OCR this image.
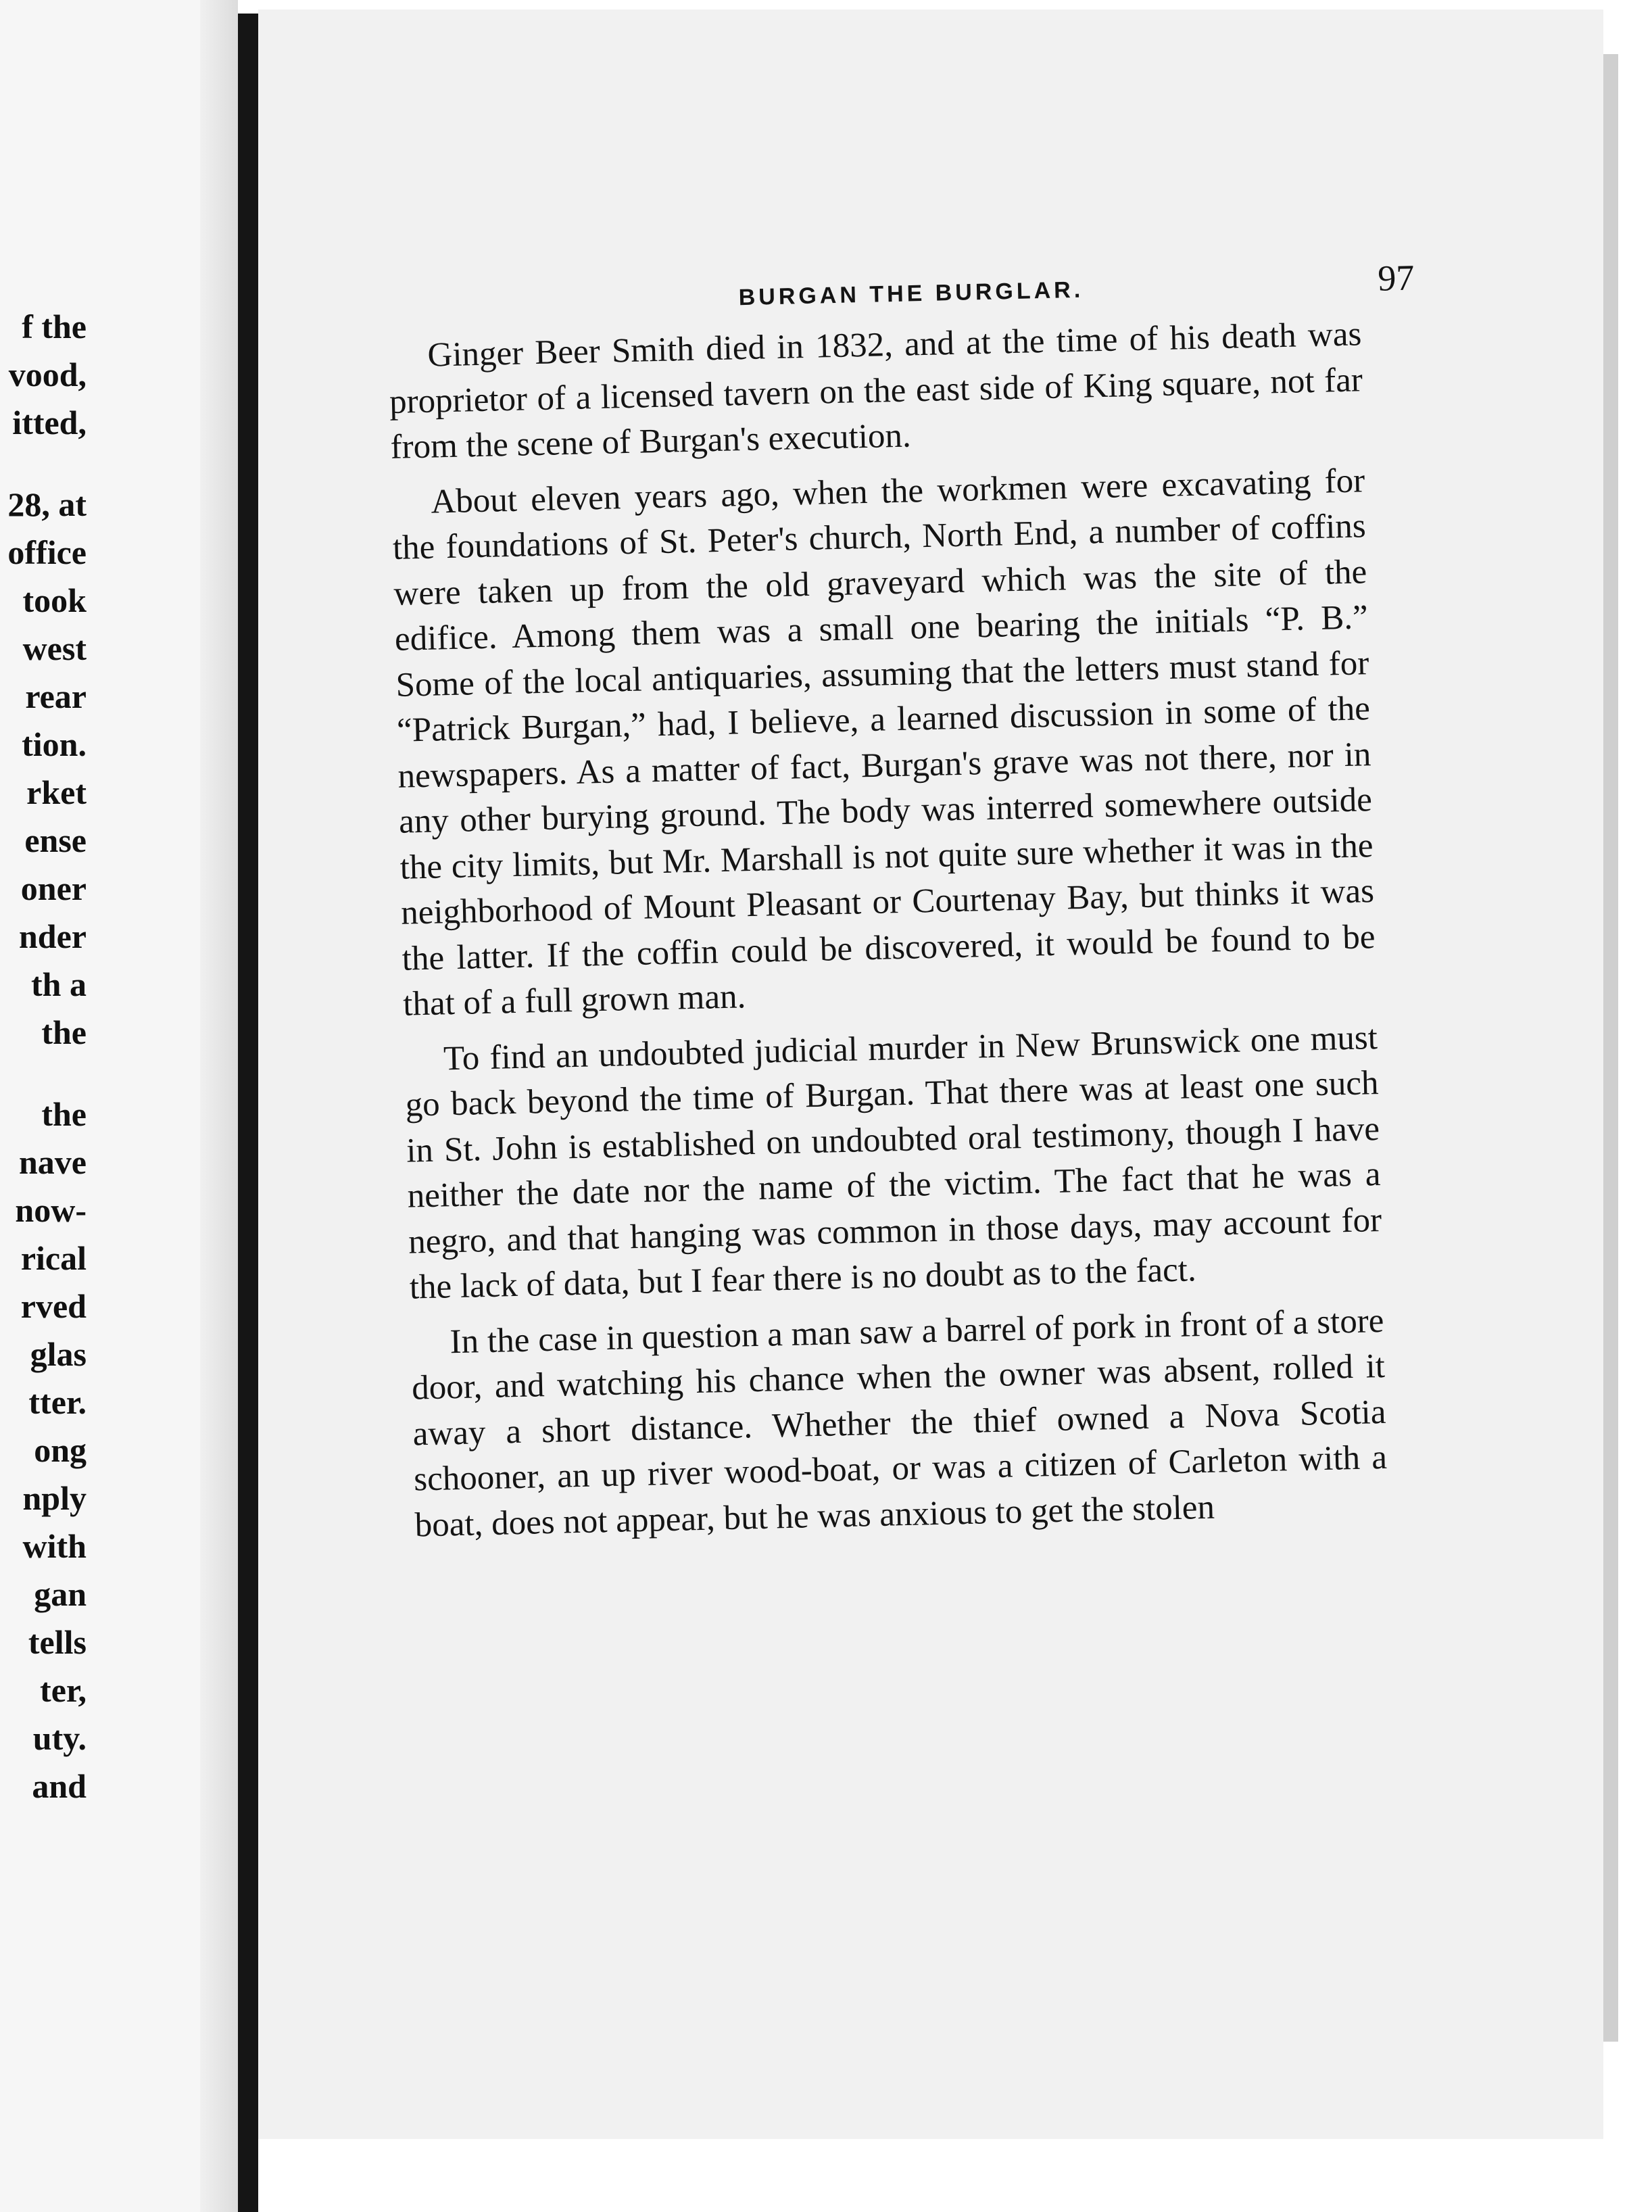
f the
vood,
itted,
28, at
office
took
west
rear
tion.
rket
ense
oner
nder
th a
the
the
nave
now-
rical
rved
glas
tter.
ong
nply
with
gan
tells
ter,
uty.
and
BURGAN THE BURGLAR.	97

Ginger Beer Smith died in 1832, and at the time of his death was proprietor of a licensed tavern on the east side of King square, not far from the scene of Burgan's execution.

About eleven years ago, when the workmen were excavating for the foundations of St. Peter's church, North End, a number of coffins were taken up from the old graveyard which was the site of the edifice. Among them was a small one bearing the initials “P. B.” Some of the local antiquaries, assuming that the letters must stand for “Patrick Burgan,” had, I believe, a learned discussion in some of the newspapers. As a matter of fact, Burgan's grave was not there, nor in any other burying ground. The body was interred somewhere outside the city limits, but Mr. Marshall is not quite sure whether it was in the neighborhood of Mount Pleasant or Courtenay Bay, but thinks it was the latter. If the coffin could be discovered, it would be found to be that of a full grown man.

To find an undoubted judicial murder in New Brunswick one must go back beyond the time of Burgan. That there was at least one such in St. John is established on undoubted oral testimony, though I have neither the date nor the name of the victim. The fact that he was a negro, and that hanging was common in those days, may account for the lack of data, but I fear there is no doubt as to the fact.

In the case in question a man saw a barrel of pork in front of a store door, and watching his chance when the owner was absent, rolled it away a short distance. Whether the thief owned a Nova Scotia schooner, an up river wood-boat, or was a citizen of Carleton with a boat, does not appear, but he was anxious to get the stolen
